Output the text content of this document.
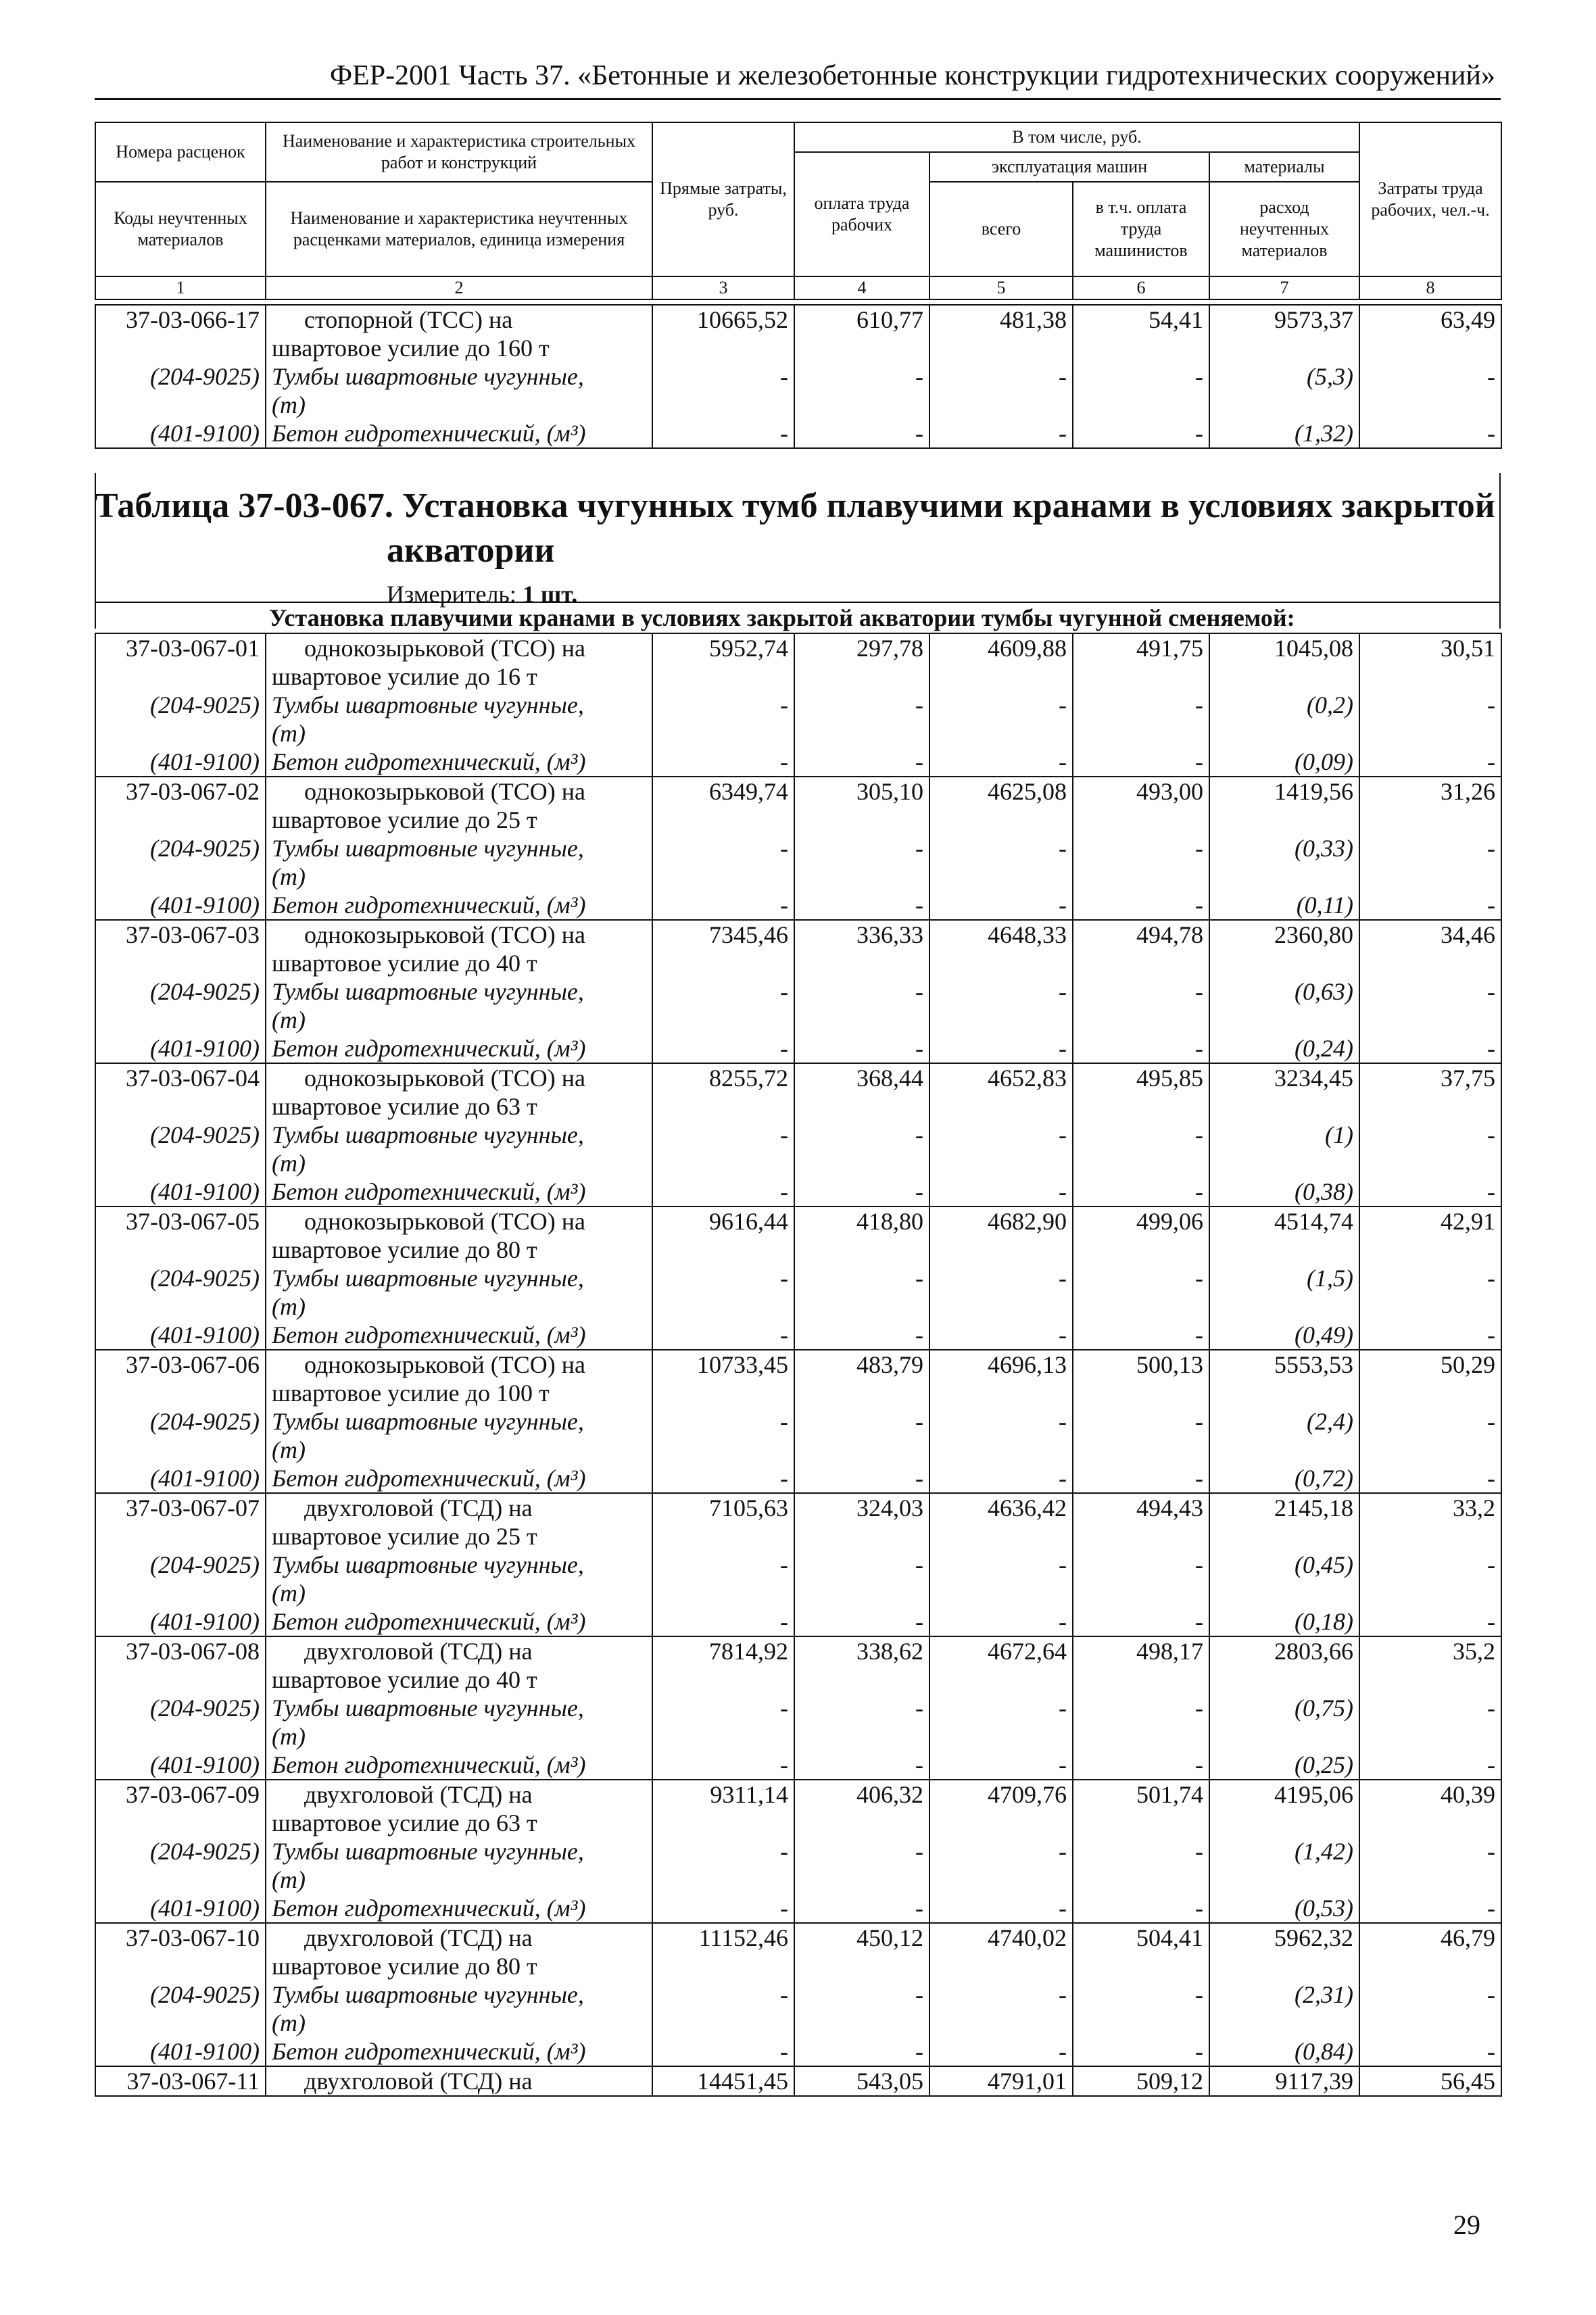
ФЕР-2001 Часть 37. «Бетонные и железобетонные конструкции гидротехнических сооружений»
Номера расценок	Наименование и характеристика строительных работ и конструкций	Прямые затраты, руб.	В том числе, руб.				Затраты труда рабочих, чел.-ч.
			оплата труда рабочих	эксплуатация машин		материалы	
Коды неучтенных материалов	Наименование и характеристика неучтенных расценками материалов, единица измерения			всего	в т.ч. оплата труда машинистов	расход неучтенных материалов	

1	2	3	4	5	6	7	8
37-03-066-17	стопорной (ТСС) на	10665,52	610,77	481,38	54,41	9573,37	63,49
	швартовое усилие до 160 т						
(204-9025)	Тумбы швартовные чугунные,	-	-	-	-	(5,3)	-
	(т)						
(401-9100)	Бетон гидротехнический, (м³)	-	-	-	-	(1,32)	-
Таблица 37-03-067. Установка чугунных тумб плавучими кранами в условиях закрытой
акватории
Измеритель: 1 шт.
Установка плавучими кранами в условиях закрытой акватории тумбы чугунной сменяемой:
37-03-067-01	однокозырьковой (ТСО) на	5952,74	297,78	4609,88	491,75	1045,08	30,51
	швартовое усилие до 16 т						
(204-9025)	Тумбы швартовные чугунные,	-	-	-	-	(0,2)	-
	(т)						
(401-9100)	Бетон гидротехнический, (м³)	-	-	-	-	(0,09)	-
37-03-067-02	однокозырьковой (ТСО) на	6349,74	305,10	4625,08	493,00	1419,56	31,26
	швартовое усилие до 25 т						
(204-9025)	Тумбы швартовные чугунные,	-	-	-	-	(0,33)	-
	(т)						
(401-9100)	Бетон гидротехнический, (м³)	-	-	-	-	(0,11)	-
37-03-067-03	однокозырьковой (ТСО) на	7345,46	336,33	4648,33	494,78	2360,80	34,46
	швартовое усилие до 40 т						
(204-9025)	Тумбы швартовные чугунные,	-	-	-	-	(0,63)	-
	(т)						
(401-9100)	Бетон гидротехнический, (м³)	-	-	-	-	(0,24)	-
37-03-067-04	однокозырьковой (ТСО) на	8255,72	368,44	4652,83	495,85	3234,45	37,75
	швартовое усилие до 63 т						
(204-9025)	Тумбы швартовные чугунные,	-	-	-	-	(1)	-
	(т)						
(401-9100)	Бетон гидротехнический, (м³)	-	-	-	-	(0,38)	-
37-03-067-05	однокозырьковой (ТСО) на	9616,44	418,80	4682,90	499,06	4514,74	42,91
	швартовое усилие до 80 т						
(204-9025)	Тумбы швартовные чугунные,	-	-	-	-	(1,5)	-
	(т)						
(401-9100)	Бетон гидротехнический, (м³)	-	-	-	-	(0,49)	-
37-03-067-06	однокозырьковой (ТСО) на	10733,45	483,79	4696,13	500,13	5553,53	50,29
	швартовое усилие до 100 т						
(204-9025)	Тумбы швартовные чугунные,	-	-	-	-	(2,4)	-
	(т)						
(401-9100)	Бетон гидротехнический, (м³)	-	-	-	-	(0,72)	-
37-03-067-07	двухголовой (ТСД) на	7105,63	324,03	4636,42	494,43	2145,18	33,2
	швартовое усилие до 25 т						
(204-9025)	Тумбы швартовные чугунные,	-	-	-	-	(0,45)	-
	(т)						
(401-9100)	Бетон гидротехнический, (м³)	-	-	-	-	(0,18)	-
37-03-067-08	двухголовой (ТСД) на	7814,92	338,62	4672,64	498,17	2803,66	35,2
	швартовое усилие до 40 т						
(204-9025)	Тумбы швартовные чугунные,	-	-	-	-	(0,75)	-
	(т)						
(401-9100)	Бетон гидротехнический, (м³)	-	-	-	-	(0,25)	-
37-03-067-09	двухголовой (ТСД) на	9311,14	406,32	4709,76	501,74	4195,06	40,39
	швартовое усилие до 63 т						
(204-9025)	Тумбы швартовные чугунные,	-	-	-	-	(1,42)	-
	(т)						
(401-9100)	Бетон гидротехнический, (м³)	-	-	-	-	(0,53)	-
37-03-067-10	двухголовой (ТСД) на	11152,46	450,12	4740,02	504,41	5962,32	46,79
	швартовое усилие до 80 т						
(204-9025)	Тумбы швартовные чугунные,	-	-	-	-	(2,31)	-
	(т)						
(401-9100)	Бетон гидротехнический, (м³)	-	-	-	-	(0,84)	-
37-03-067-11	двухголовой (ТСД) на	14451,45	543,05	4791,01	509,12	9117,39	56,45
29
